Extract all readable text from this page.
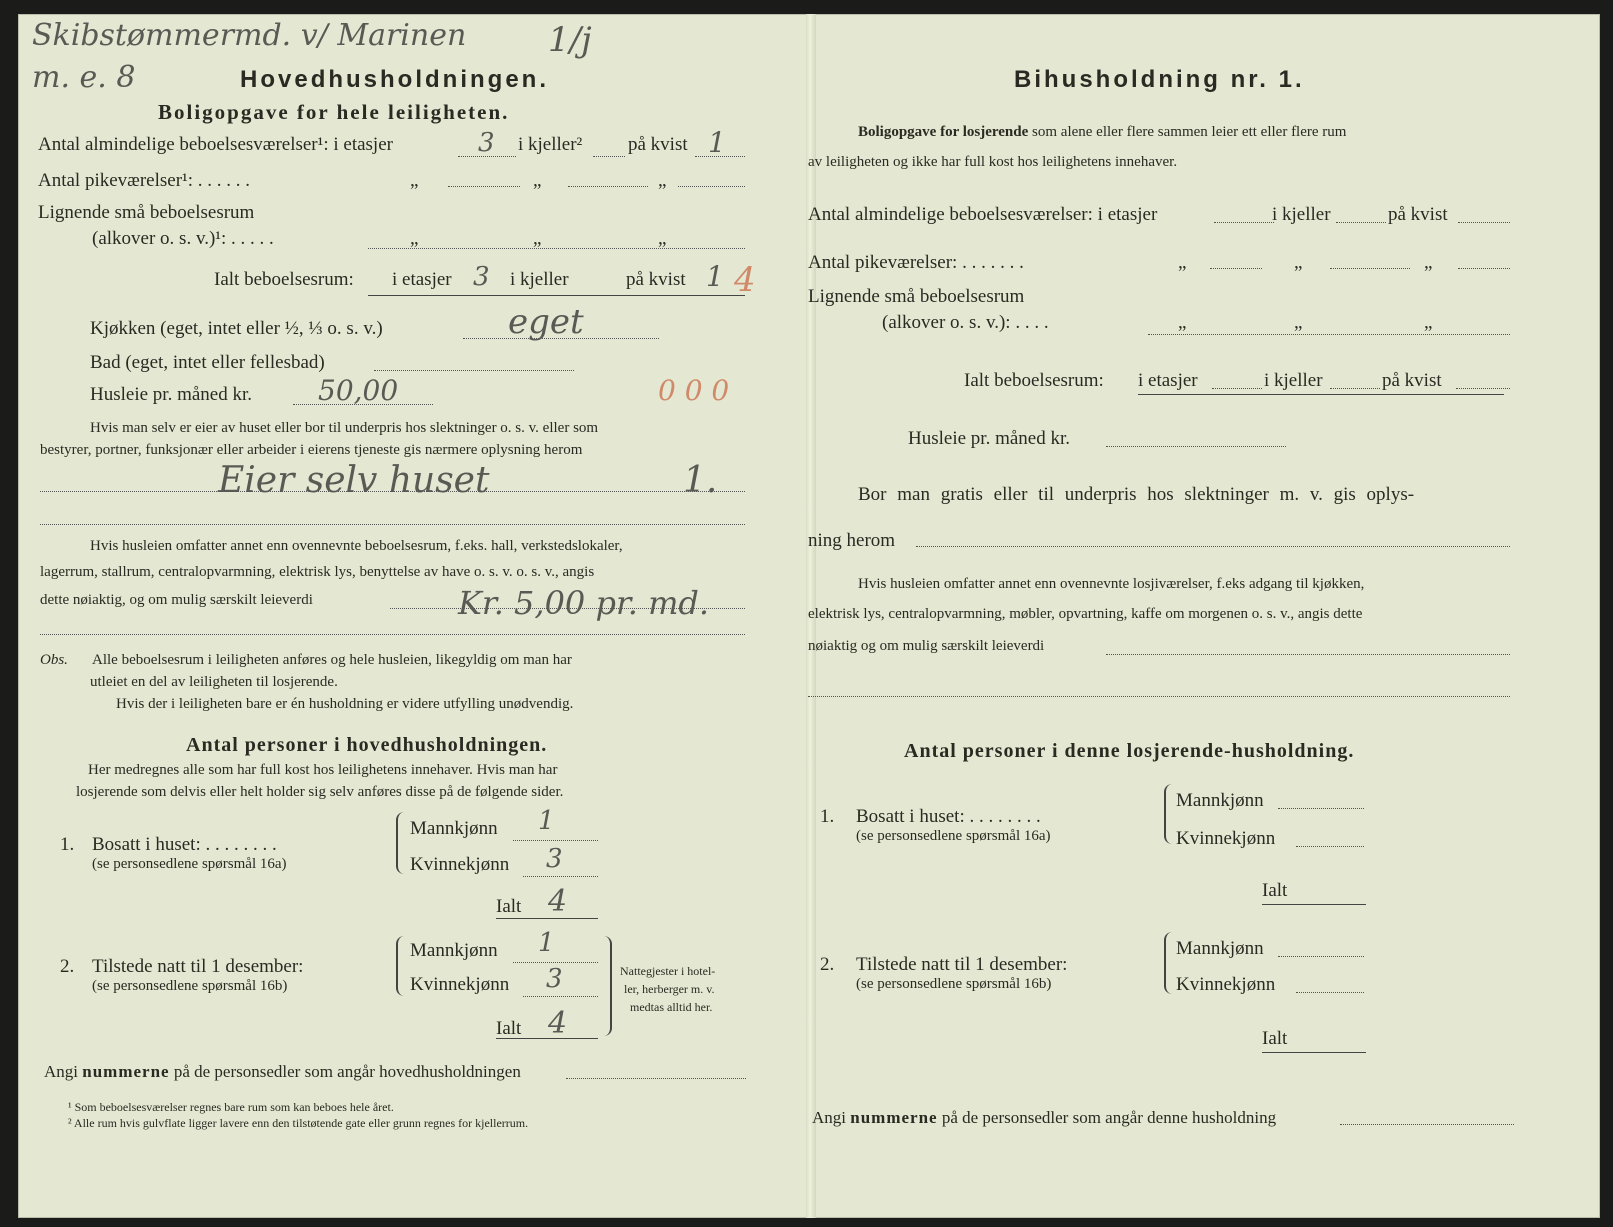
Skibstømmermd. v/ Marinen 1/j
m. e. 8	Hovedhusholdningen.
Boligopgave for hele leiligheten.
Antal almindelige beboelsesværelser¹: i etasjer	3 i kjeller² på kvist 1
Antal pikeværelser¹: . . . . . .	„	„	„
Lignende små beboelsesrum
(alkover o. s. v.)¹: . . . . .	„	„	„
Ialt beboelsesrum: i etasjer 3 i kjeller	på kvist 1 4
Kjøkken (eget, intet eller ½, ⅓ o. s. v.)	eget
Bad (eget, intet eller fellesbad)
Husleie pr. måned kr. 50,00	0 0 0
Hvis man selv er eier av huset eller bor til underpris hos slektninger o. s. v. eller som
bestyrer, portner, funksjonær eller arbeider i eierens tjeneste gis nærmere oplysning herom
Eier selv huset	1.
Hvis husleien omfatter annet enn ovennevnte beboelsesrum, f.eks. hall, verkstedslokaler,
lagerrum, stallrum, centralopvarmning, elektrisk lys, benyttelse av have o. s. v. o. s. v., angis
dette nøiaktig, og om mulig særskilt leieverdi	Kr. 5,00 pr. md.
Obs. Alle beboelsesrum i leiligheten anføres og hele husleien, likegyldig om man har
utleiet en del av leiligheten til losjerende.
Hvis der i leiligheten bare er én husholdning er videre utfylling unødvendig.
Antal personer i hovedhusholdningen.
Her medregnes alle som har full kost hos leilighetens innehaver. Hvis man har
losjerende som delvis eller helt holder sig selv anføres disse på de følgende sider.
1. Bosatt i huset: . . . . . . . .
(se personsedlene spørsmål 16a)
Mannkjønn 1
Kvinnekjønn 3
Ialt 4
2. Tilstede natt til 1 desember:
(se personsedlene spørsmål 16b)
Mannkjønn 1
Kvinnekjønn 3
Ialt 4
Nattegjester i hotel-
ler, herberger m. v.
medtas alltid her.
Angi nummerne på de personsedler som angår hovedhusholdningen
¹ Som beboelsesværelser regnes bare rum som kan beboes hele året.
² Alle rum hvis gulvflate ligger lavere enn den tilstøtende gate eller grunn regnes for kjellerrum.
Bihusholdning nr. 1.
Boligopgave for losjerende som alene eller flere sammen leier ett eller flere rum
av leiligheten og ikke har full kost hos leilighetens innehaver.
Antal almindelige beboelsesværelser: i etasjer	i kjeller	på kvist
Antal pikeværelser: . . . . . . .	„	„	„
Lignende små beboelsesrum
(alkover o. s. v.): . . . .	„	„	„
Ialt beboelsesrum: i etasjer	i kjeller	på kvist
Husleie pr. måned kr.
Bor man gratis eller til underpris hos slektninger m. v. gis oplys-
ning herom
Hvis husleien omfatter annet enn ovennevnte losjiværelser, f.eks adgang til kjøkken,
elektrisk lys, centralopvarmning, møbler, opvartning, kaffe om morgenen o. s. v., angis dette
nøiaktig og om mulig særskilt leieverdi
Antal personer i denne losjerende-husholdning.
1. Bosatt i huset: . . . . . . . .
(se personsedlene spørsmål 16a)
Mannkjønn
Kvinnekjønn
Ialt
2. Tilstede natt til 1 desember:
(se personsedlene spørsmål 16b)
Mannkjønn
Kvinnekjønn
Ialt
Angi nummerne på de personsedler som angår denne husholdning
